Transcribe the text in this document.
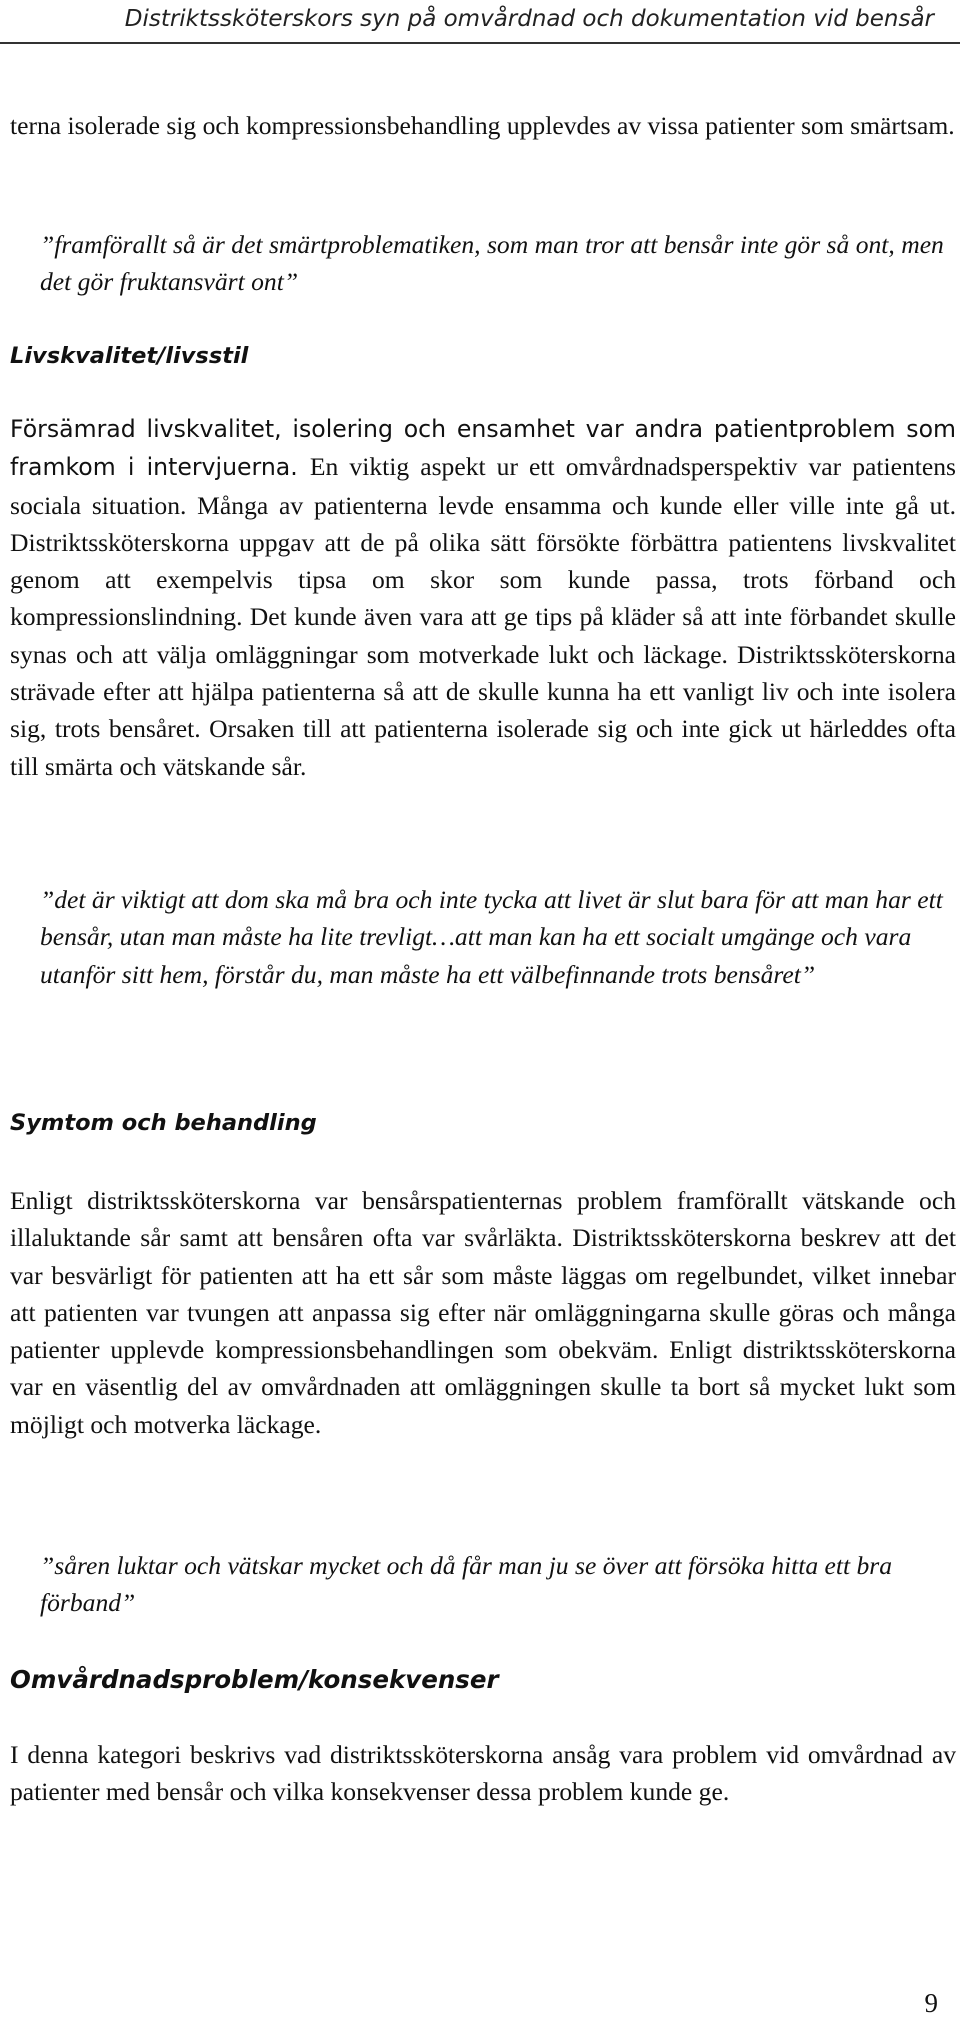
Distriktssköterskors syn på omvårdnad och dokumentation vid bensår

terna isolerade sig och kompressionsbehandling upplevdes av vissa patienter som smärtsam.

”framförallt så är det smärtproblematiken, som man tror att bensår inte gör så ont, men det gör fruktansvärt ont”

Livskvalitet/livsstil
Försämrad livskvalitet, isolering och ensamhet var andra patientproblem som framkom i intervjuerna. En viktig aspekt ur ett omvårdnadsperspektiv var patientens sociala situation. Många av patienterna levde ensamma och kunde eller ville inte gå ut. Distriktssköterskorna uppgav att de på olika sätt försökte förbättra patientens livskvalitet genom att exempelvis tipsa om skor som kunde passa, trots förband och kompressionslindning. Det kunde även vara att ge tips på kläder så att inte förbandet skulle synas och att välja omläggningar som motverkade lukt och läckage. Distriktssköterskorna strävade efter att hjälpa patienterna så att de skulle kunna ha ett vanligt liv och inte isolera sig, trots bensåret. Orsaken till att patienterna isolerade sig och inte gick ut härleddes ofta till smärta och vätskande sår.

”det är viktigt att dom ska må bra och inte tycka att livet är slut bara för att man har ett bensår, utan man måste ha lite trevligt…att man kan ha ett socialt umgänge och vara utanför sitt hem, förstår du, man måste ha ett välbefinnande trots bensåret”

Symtom och behandling

Enligt distriktssköterskorna var bensårspatienternas problem framförallt vätskande och illaluktande sår samt att bensåren ofta var svårläkta. Distriktssköterskorna beskrev att det var besvärligt för patienten att ha ett sår som måste läggas om regelbundet, vilket innebar att patienten var tvungen att anpassa sig efter när omläggningarna skulle göras och många patienter upplevde kompressionsbehandlingen som obekväm. Enligt distriktssköterskorna var en väsentlig del av omvårdnaden att omläggningen skulle ta bort så mycket lukt som möjligt och motverka läckage.

”såren luktar och vätskar mycket och då får man ju se över att försöka hitta ett bra förband”

Omvårdnadsproblem/konsekvenser

I denna kategori beskrivs vad distriktssköterskorna ansåg vara problem vid omvårdnad av patienter med bensår och vilka konsekvenser dessa problem kunde ge.

9
